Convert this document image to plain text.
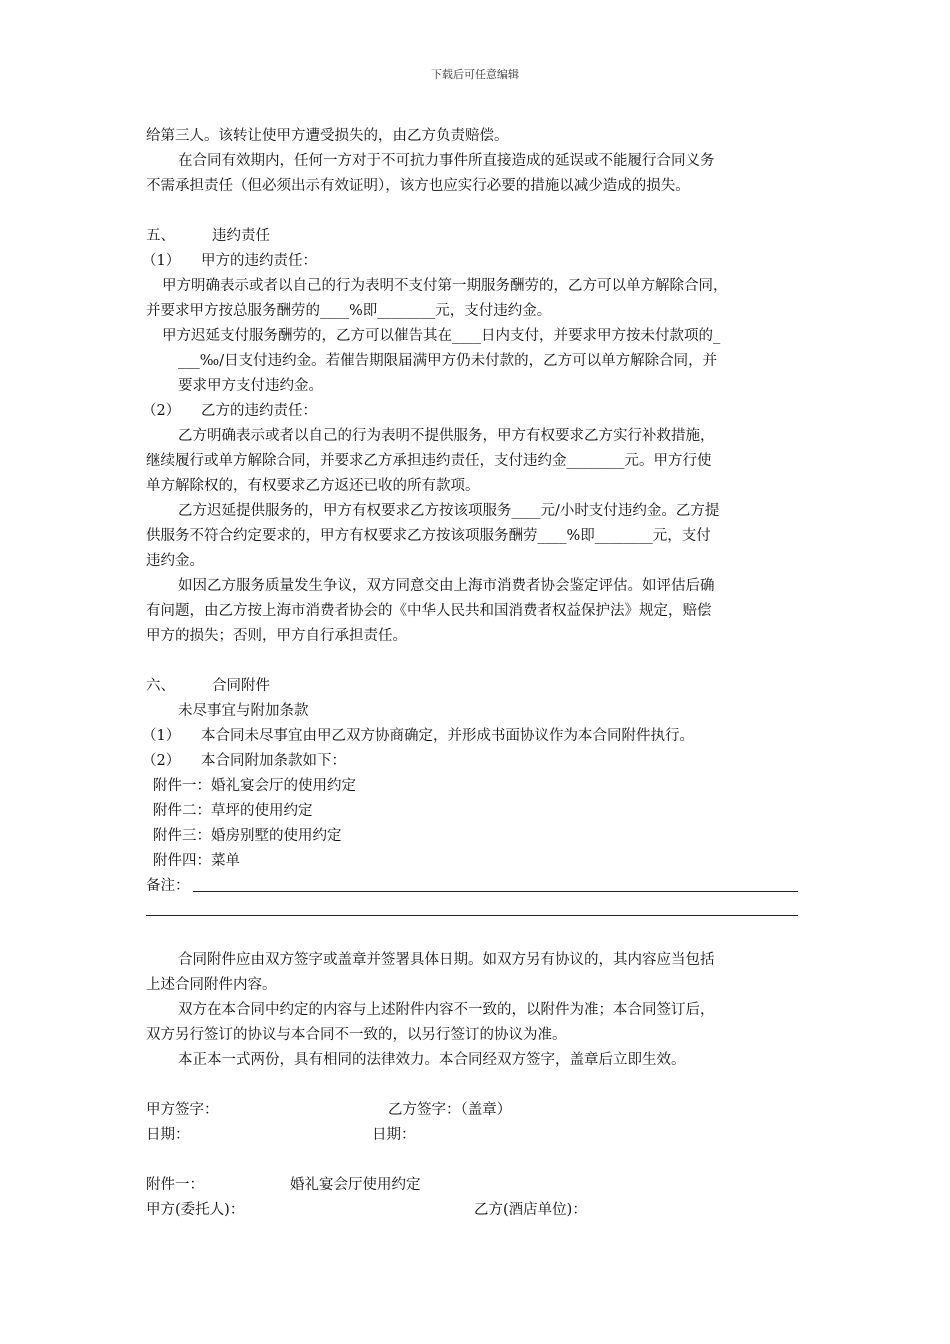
下载后可任意编辑
给第三人。该转让使甲方遭受损失的，由乙方负责赔偿。
在合同有效期内，任何一方对于不可抗力事件所直接造成的延误或不能履行合同义务
不需承担责任（但必须出示有效证明），该方也应实行必要的措施以减少造成的损失。
五、	违约责任
（1） 甲方的违约责任：
甲方明确表示或者以自己的行为表明不支付第一期服务酬劳的，乙方可以单方解除合同，
并要求甲方按总服务酬劳的____%即________元，支付违约金。
甲方迟延支付服务酬劳的，乙方可以催告其在____日内支付，并要求甲方按未付款项的_
___‰/日支付违约金。若催告期限届满甲方仍未付款的，乙方可以单方解除合同，并
要求甲方支付违约金。
（2） 乙方的违约责任：
乙方明确表示或者以自己的行为表明不提供服务，甲方有权要求乙方实行补救措施，
继续履行或单方解除合同，并要求乙方承担违约责任，支付违约金________元。甲方行使
单方解除权的，有权要求乙方返还已收的所有款项。
乙方迟延提供服务的，甲方有权要求乙方按该项服务____元/小时支付违约金。乙方提
供服务不符合约定要求的，甲方有权要求乙方按该项服务酬劳____%即________元，支付
违约金。
如因乙方服务质量发生争议，双方同意交由上海市消费者协会鉴定评估。如评估后确
有问题，由乙方按上海市消费者协会的《中华人民共和国消费者权益保护法》规定，赔偿
甲方的损失；否则，甲方自行承担责任。
六、	合同附件
未尽事宜与附加条款
（1） 本合同未尽事宜由甲乙双方协商确定，并形成书面协议作为本合同附件执行。
（2） 本合同附加条款如下：
附件一：婚礼宴会厅的使用约定
附件二：草坪的使用约定
附件三：婚房别墅的使用约定
附件四：菜单
备注：
合同附件应由双方签字或盖章并签署具体日期。如双方另有协议的，其内容应当包括
上述合同附件内容。
双方在本合同中约定的内容与上述附件内容不一致的，以附件为准；本合同签订后，
双方另行签订的协议与本合同不一致的，以另行签订的协议为准。
本正本一式两份，具有相同的法律效力。本合同经双方签字，盖章后立即生效。
甲方签字：	乙方签字：（盖章）
日期：	日期：
附件一：	婚礼宴会厅使用约定
甲方(委托人)：	乙方(酒店单位)：
